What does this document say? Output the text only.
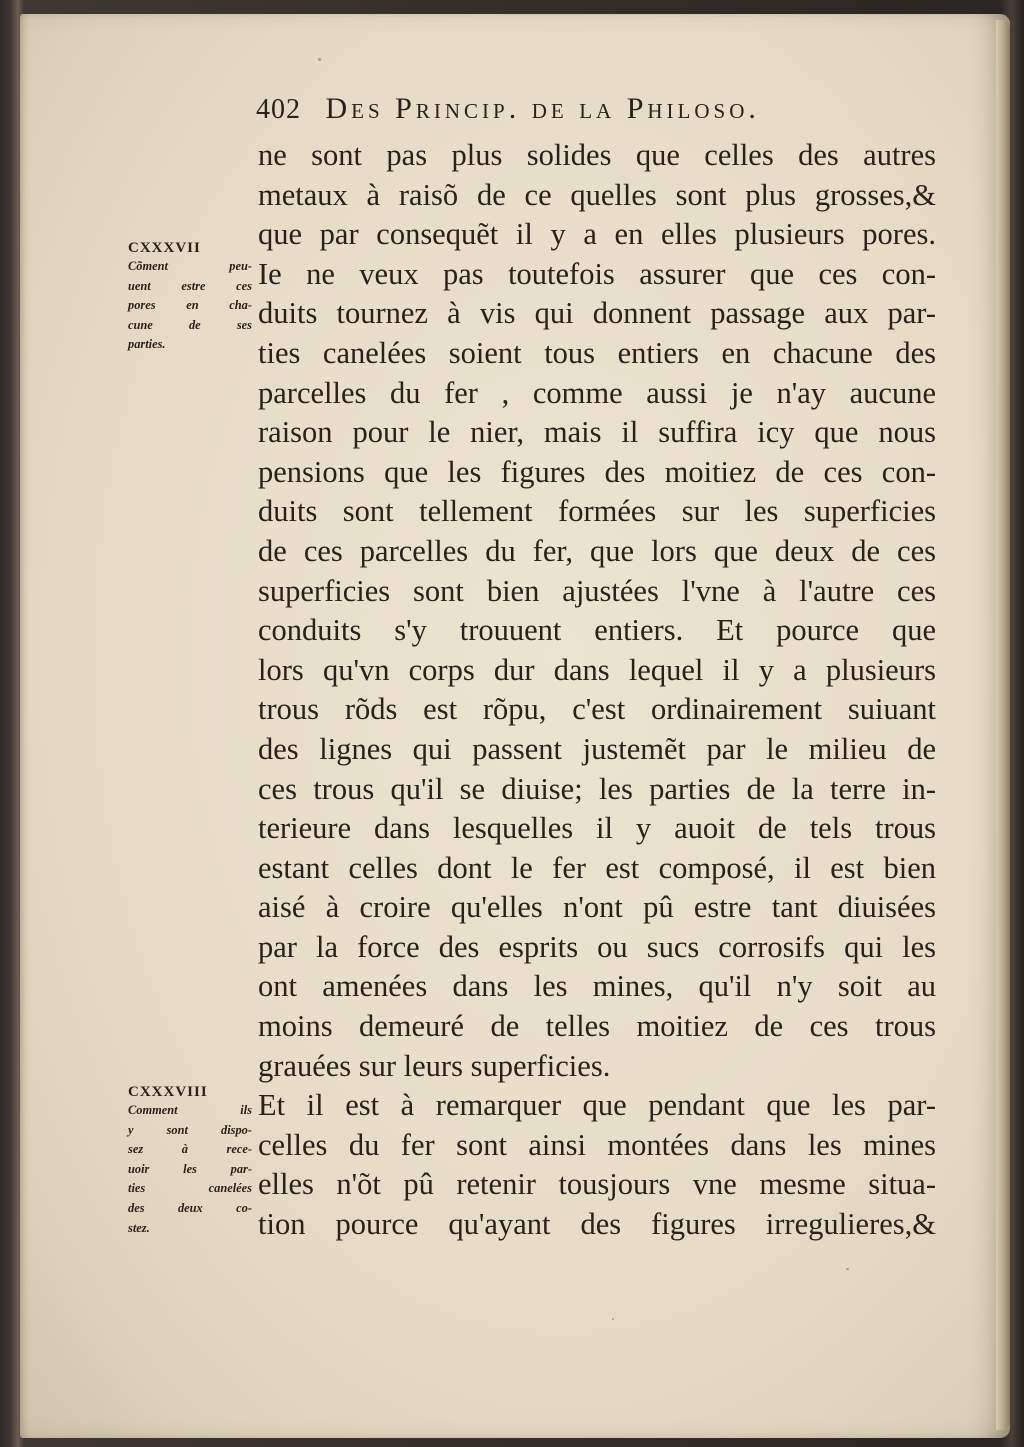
402 Des Princip. de la Philoso.
CXXXVII
Cõment peu-
uent estre ces
pores en cha-
cune de ses
parties.
CXXXVIII
Comment ils
y sont dispo-
sez à rece-
uoir les par-
ties canelées
des deux co-
stez.
ne sont pas plus solides que celles des autres
metaux à raisõ de ce quelles sont plus grosses,&
que par consequẽt il y a en elles plusieurs pores.
Ie ne veux pas toutefois assurer que ces con-
duits tournez à vis qui donnent passage aux par-
ties canelées soient tous entiers en chacune des
parcelles du fer , comme aussi je n'ay aucune
raison pour le nier, mais il suffira icy que nous
pensions que les figures des moitiez de ces con-
duits sont tellement formées sur les superficies
de ces parcelles du fer, que lors que deux de ces
superficies sont bien ajustées l'vne à l'autre ces
conduits s'y trouuent entiers. Et pource que
lors qu'vn corps dur dans lequel il y a plusieurs
trous rõds est rõpu, c'est ordinairement suiuant
des lignes qui passent justemẽt par le milieu de
ces trous qu'il se diuise; les parties de la terre in-
terieure dans lesquelles il y auoit de tels trous
estant celles dont le fer est composé, il est bien
aisé à croire qu'elles n'ont pû estre tant diuisées
par la force des esprits ou sucs corrosifs qui les
ont amenées dans les mines, qu'il n'y soit au
moins demeuré de telles moitiez de ces trous
grauées sur leurs superficies.
Et il est à remarquer que pendant que les par-
celles du fer sont ainsi montées dans les mines
elles n'õt pû retenir tousjours vne mesme situa-
tion pource qu'ayant des figures irregulieres,&
